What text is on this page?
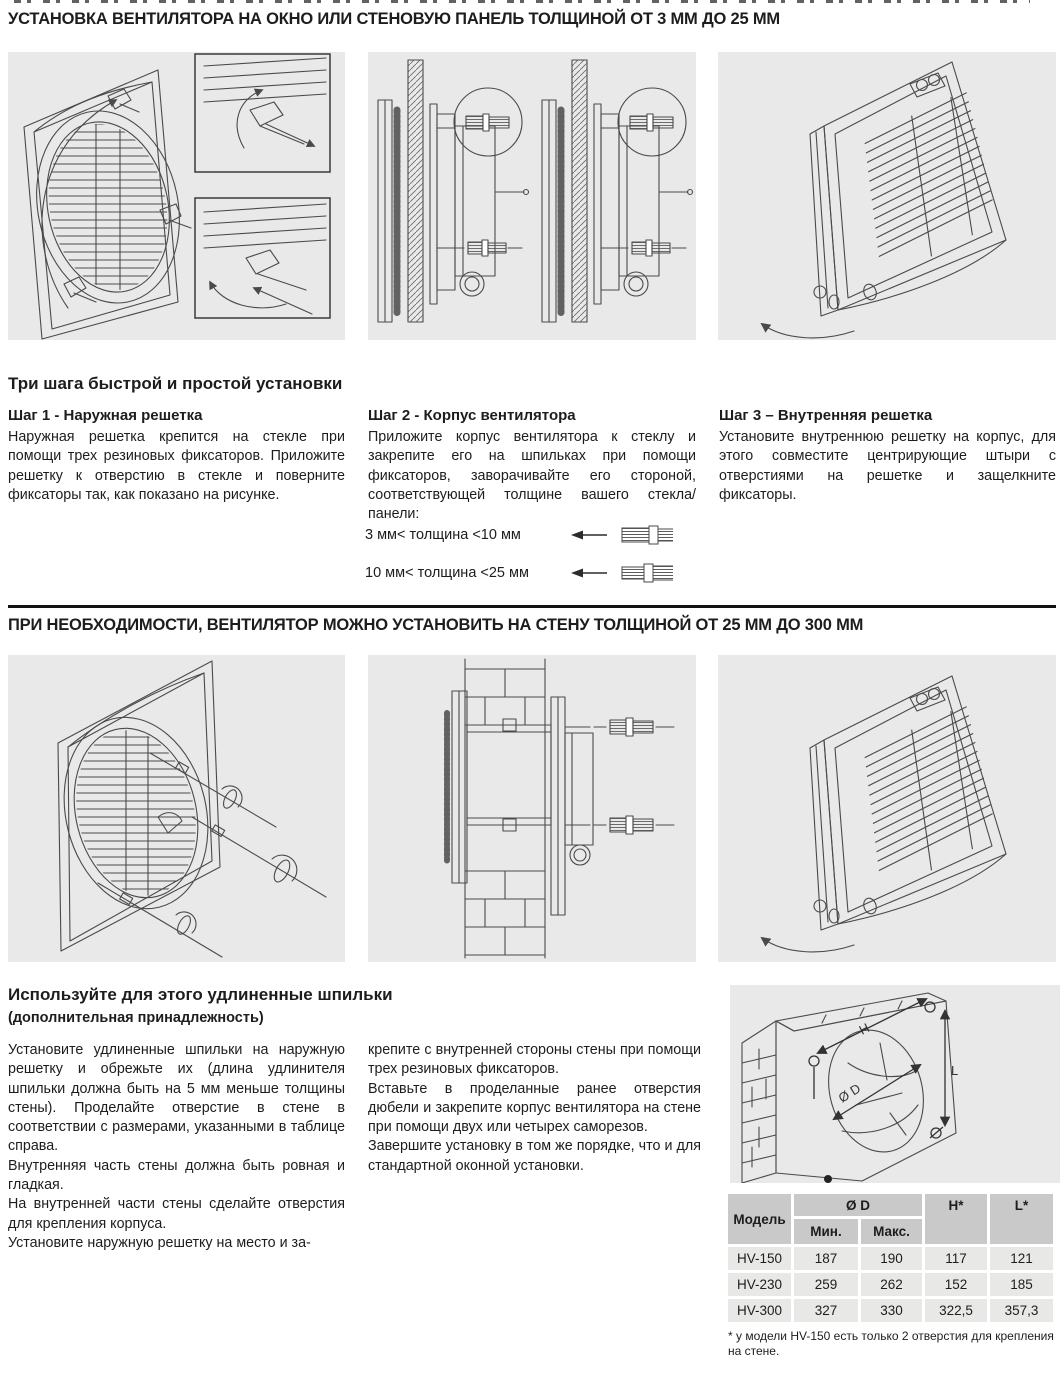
УСТАНОВКА ВЕНТИЛЯТОРА НА ОКНО ИЛИ СТЕНОВУЮ ПАНЕЛЬ ТОЛЩИНОЙ ОТ 3 ММ ДО 25 ММ
Три шага быстрой и простой установки
Шаг 1 - Наружная решетка

Наружная решетка крепится на стекле при помощи трех резиновых фиксаторов. Приложите решетку к отверстию в стекле и поверните фиксаторы так, как показано на рисунке.

Шаг 2 - Корпус вентилятора

Приложите корпус вентилятора к стеклу и закрепите его на шпильках при помощи фиксаторов, заворачивайте его стороной, соответствующей толщине вашего стекла/панели:

Шаг 3 – Внутренняя решетка

Установите внутреннюю решетку на корпус, для этого совместите центрирующие штыри с отверстиями на решетке и защелкните фиксаторы.

3 мм< толщина <10 мм
10 мм< толщина <25 мм
ПРИ НЕОБХОДИМОСТИ, ВЕНТИЛЯТОР МОЖНО УСТАНОВИТЬ НА СТЕНУ ТОЛЩИНОЙ ОТ 25 ММ ДО 300 ММ
Используйте для этого удлиненные шпильки
(дополнительная принадлежность)

Установите удлиненные шпильки на наружную решетку и обрежьте их (длина удлинителя шпильки должна быть на 5 мм меньше толщины стены). Проделайте отверстие в стене в соответствии с размерами, указанными в таблице справа.

Внутренняя часть стены должна быть ровная и гладкая.

На внутренней части стены сделайте отверстия для крепления корпуса.

Установите наружную решетку на место и за-

крепите с внутренней стороны стены при помощи трех резиновых фиксаторов.

Вставьте в проделанные ранее отверстия дюбели и закрепите корпус вентилятора на стене при помощи двух или четырех саморезов.

Завершите установку в том же порядке, что и для стандартной оконной установки.

H
L
Ø D
Модель	Ø D		H*	L*
	Мин.	Макс.		
HV-150	187	190	117	121
HV-230	259	262	152	185
HV-300	327	330	322,5	357,3
* у модели HV-150 есть только 2 отверстия для крепления на стене.
